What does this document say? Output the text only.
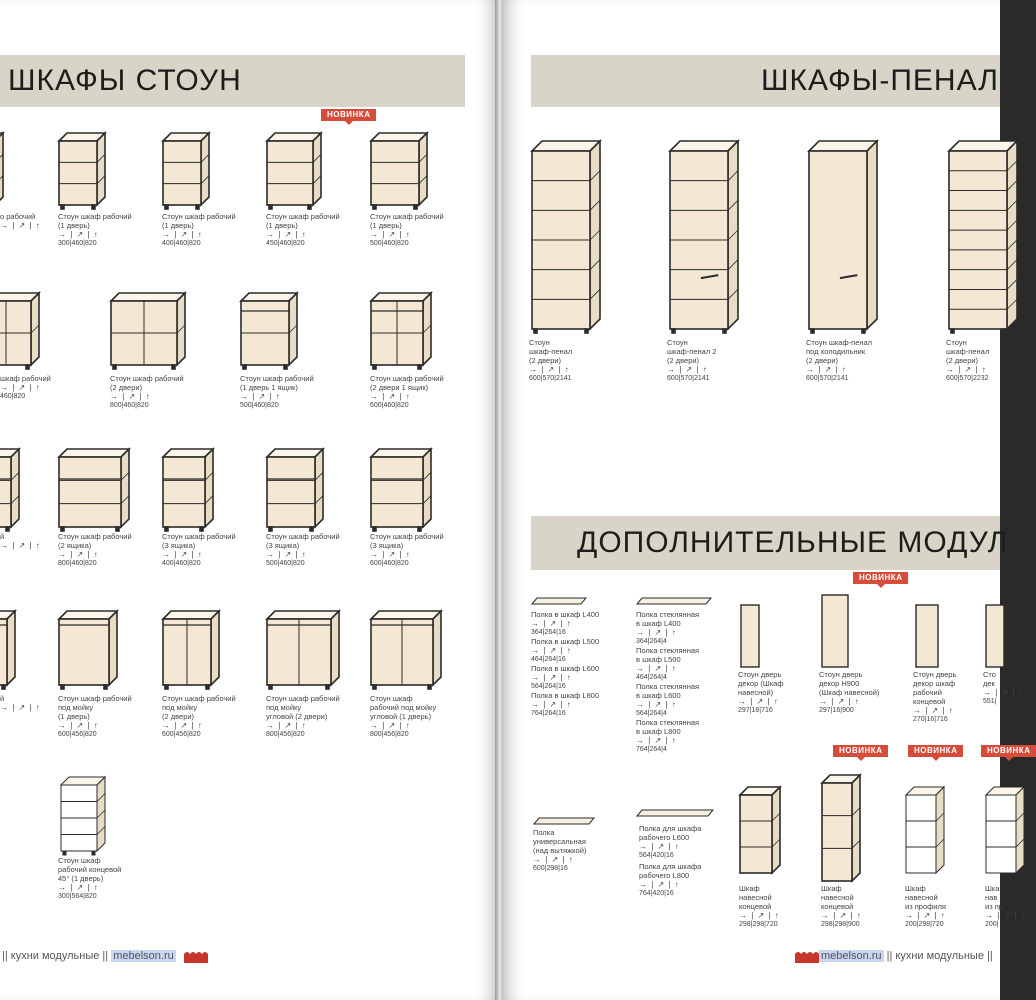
ШКАФЫ СТОУН
НОВИНКА
о рабочий
→ | ↗ | ↑
Стоун шкаф рабочий
(1 дверь)
→ | ↗ | ↑
300|460|820
Стоун шкаф рабочий
(1 дверь)
→ | ↗ | ↑
400|460|820
Стоун шкаф рабочий
(1 дверь)
→ | ↗ | ↑
450|460|820
Стоун шкаф рабочий
(1 дверь)
→ | ↗ | ↑
500|460|820
шкаф рабочий
→ | ↗ | ↑
460|820
Стоун шкаф рабочий
(2 двери)
→ | ↗ | ↑
800|460|820
Стоун шкаф рабочий
(1 дверь 1 ящик)
→ | ↗ | ↑
500|460|820
Стоун шкаф рабочий
(2 двери 1 ящик)
→ | ↗ | ↑
600|460|820
й
→ | ↗ | ↑
Стоун шкаф рабочий
(2 ящика)
→ | ↗ | ↑
800|460|820
Стоун шкаф рабочий
(3 ящика)
→ | ↗ | ↑
400|460|820
Стоун шкаф рабочий
(3 ящика)
→ | ↗ | ↑
500|460|820
Стоун шкаф рабочий
(3 ящика)
→ | ↗ | ↑
600|460|820
й
→ | ↗ | ↑
Стоун шкаф рабочий
под мойку
(1 дверь)
→ | ↗ | ↑
600|456|820
Стоун шкаф рабочий
под мойку
(2 двери)
→ | ↗ | ↑
600|456|820
Стоун шкаф рабочий
под мойку
угловой (2 двери)
→ | ↗ | ↑
800|456|820
Стоун шкаф
рабочий под мойку
угловой (1 дверь)
→ | ↗ | ↑
800|456|820
Стоун шкаф
рабочий концевой
45° (1 дверь)
→ | ↗ | ↑
300|564|820
|| кухни модульные || mebelson.ru
ШКАФЫ-ПЕНАЛ
ДОПОЛНИТЕЛЬНЫЕ МОДУЛ
НОВИНКА
НОВИНКА	НОВИНКА	НОВИНКА
Стоун
шкаф-пенал
(2 двери)
→ | ↗ | ↑
600|570|2141
Стоун
шкаф-пенал 2
(2 двери)
→ | ↗ | ↑
600|570|2141
Стоун шкаф-пенал
под холодильник
(2 двери)
→ | ↗ | ↑
600|570|2141
Стоун
шкаф-пенал
(2 двери)
→ | ↗ | ↑
600|570|2232
Полка в шкаф L400
→ | ↗ | ↑
364|264|16
Полка в шкаф L500
→ | ↗ | ↑
464|264|16
Полка в шкаф L600
→ | ↗ | ↑
564|264|16
Полка в шкаф L800
→ | ↗ | ↑
764|264|16
Полка стеклянная
в шкаф L400
→ | ↗ | ↑
364|264|4
Полка стеклянная
в шкаф L500
→ | ↗ | ↑
464|264|4
Полка стеклянная
в шкаф L600
→ | ↗ | ↑
564|264|4
Полка стеклянная
в шкаф L800
→ | ↗ | ↑
764|264|4
Стоун дверь
декор (Шкаф
навесной)
→ | ↗ | ↑
297|18|716
Стоун дверь
декор H900
(Шкаф навесной)
→ | ↗ | ↑
297|16|900
Стоун дверь
декор шкаф
рабочий
концевой
→ | ↗ | ↑
270|16|716
Сто
дек
→ | ↗ | ↑
551|
Полка
универсальная
(над вытяжкой)
→ | ↗ | ↑
600|298|16
Полка для шкафа
рабочего L600
→ | ↗ | ↑
564|420|16
Полка для шкафа
рабочего L800
→ | ↗ | ↑
764|420|16
Шкаф
навесной
концевой
→ | ↗ | ↑
298|298|720
Шкаф
навесной
концевой
→ | ↗ | ↑
298|298|900
Шкаф
навесной
из профиля
→ | ↗ | ↑
200|298|720
Шка
нав
из пр
→ | ↗ | ↑
200|
mebelson.ru || кухни модульные ||
